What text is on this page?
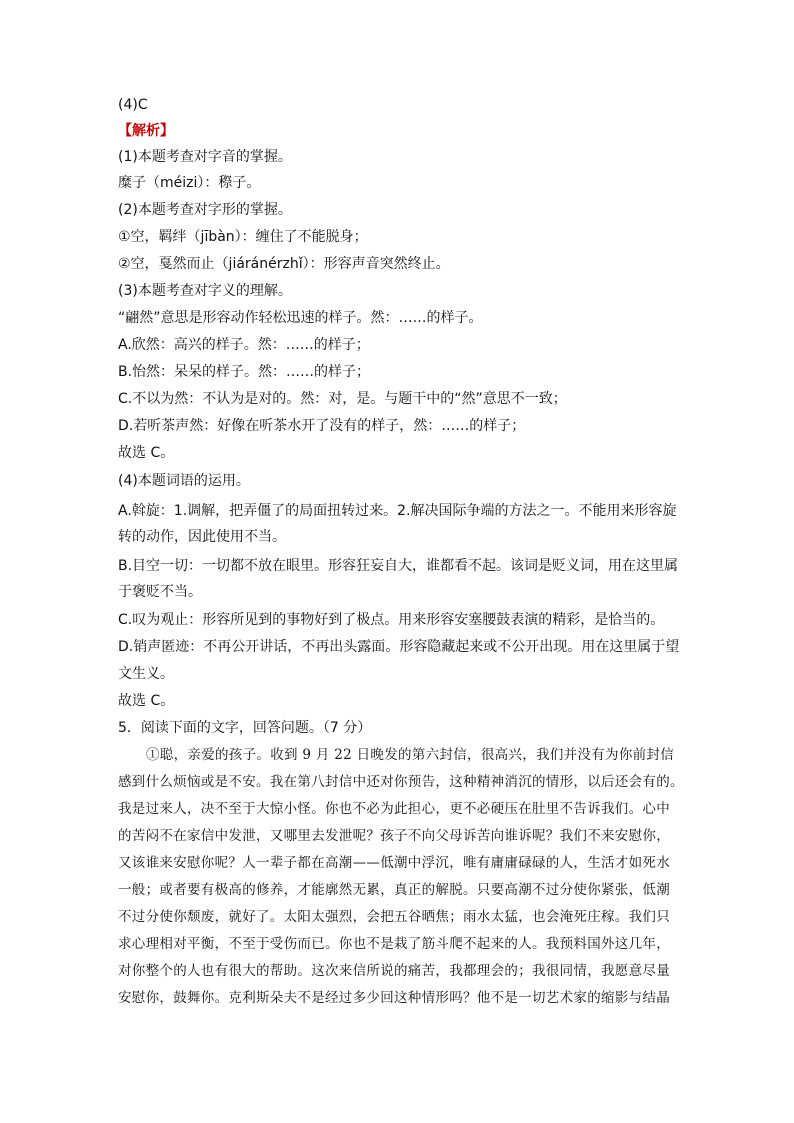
(4)C
【解析】
(1)本题考查对字音的掌握。
糜子（méizi）：穄子。
(2)本题考查对字形的掌握。
①空，羁绊（jībàn）：缠住了不能脱身；
②空，戛然而止（jiáránérzhǐ）：形容声音突然终止。
(3)本题考查对字义的理解。
“翩然”意思是形容动作轻松迅速的样子。然：……的样子。
A.欣然：高兴的样子。然：……的样子；
B.怡然：呆呆的样子。然：……的样子；
C.不以为然：不认为是对的。然：对，是。与题干中的“然”意思不一致；
D.若听茶声然：好像在听茶水开了没有的样子，然：……的样子；
故选 C。
(4)本题词语的运用。
A.斡旋：1.调解，把弄僵了的局面扭转过来。2.解决国际争端的方法之一。不能用来形容旋
转的动作，因此使用不当。
B.目空一切：一切都不放在眼里。形容狂妄自大，谁都看不起。该词是贬义词，用在这里属
于褒贬不当。
C.叹为观止：形容所见到的事物好到了极点。用来形容安塞腰鼓表演的精彩，是恰当的。
D.销声匿迹：不再公开讲话，不再出头露面。形容隐藏起来或不公开出现。用在这里属于望
文生义。
故选 C。
5．阅读下面的文字，回答问题。（7 分）
①聪，亲爱的孩子。收到 9 月 22 日晚发的第六封信，很高兴，我们并没有为你前封信
感到什么烦恼或是不安。我在第八封信中还对你预告，这种精神消沉的情形，以后还会有的。
我是过来人，决不至于大惊小怪。你也不必为此担心，更不必硬压在肚里不告诉我们。心中
的苦闷不在家信中发泄，又哪里去发泄呢？孩子不向父母诉苦向谁诉呢？我们不来安慰你，
又该谁来安慰你呢？人一辈子都在高潮——低潮中浮沉，唯有庸庸碌碌的人，生活才如死水
一般；或者要有极高的修养，才能廓然无累，真正的解脱。只要高潮不过分使你紧张，低潮
不过分使你颓废，就好了。太阳太强烈，会把五谷晒焦；雨水太猛，也会淹死庄稼。我们只
求心理相对平衡，不至于受伤而已。你也不是栽了筋斗爬不起来的人。我预料国外这几年，
对你整个的人也有很大的帮助。这次来信所说的痛苦，我都理会的；我很同情，我愿意尽量
安慰你，鼓舞你。克利斯朵夫不是经过多少回这种情形吗？他不是一切艺术家的缩影与结晶
